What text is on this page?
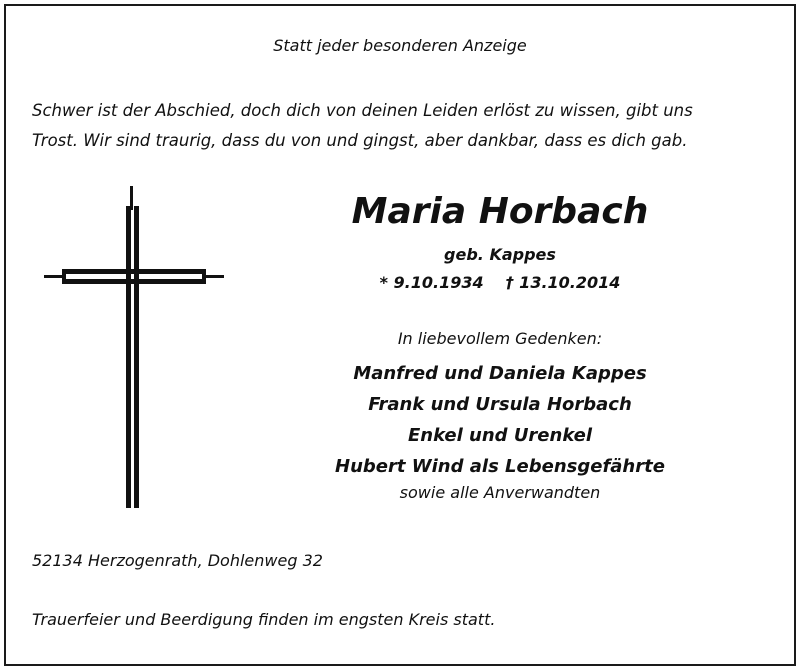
Statt jeder besonderen Anzeige
Schwer ist der Abschied, doch dich von deinen Leiden erlöst zu wissen, gibt uns
Trost. Wir sind traurig, dass du von und gingst, aber dankbar, dass es dich gab.
Maria Horbach
geb. Kappes
* 9.10.1934 † 13.10.2014
In liebevollem Gedenken:
Manfred und Daniela Kappes
Frank und Ursula Horbach
Enkel und Urenkel
Hubert Wind als Lebensgefährte
sowie alle Anverwandten
52134 Herzogenrath, Dohlenweg 32
Trauerfeier und Beerdigung finden im engsten Kreis statt.
